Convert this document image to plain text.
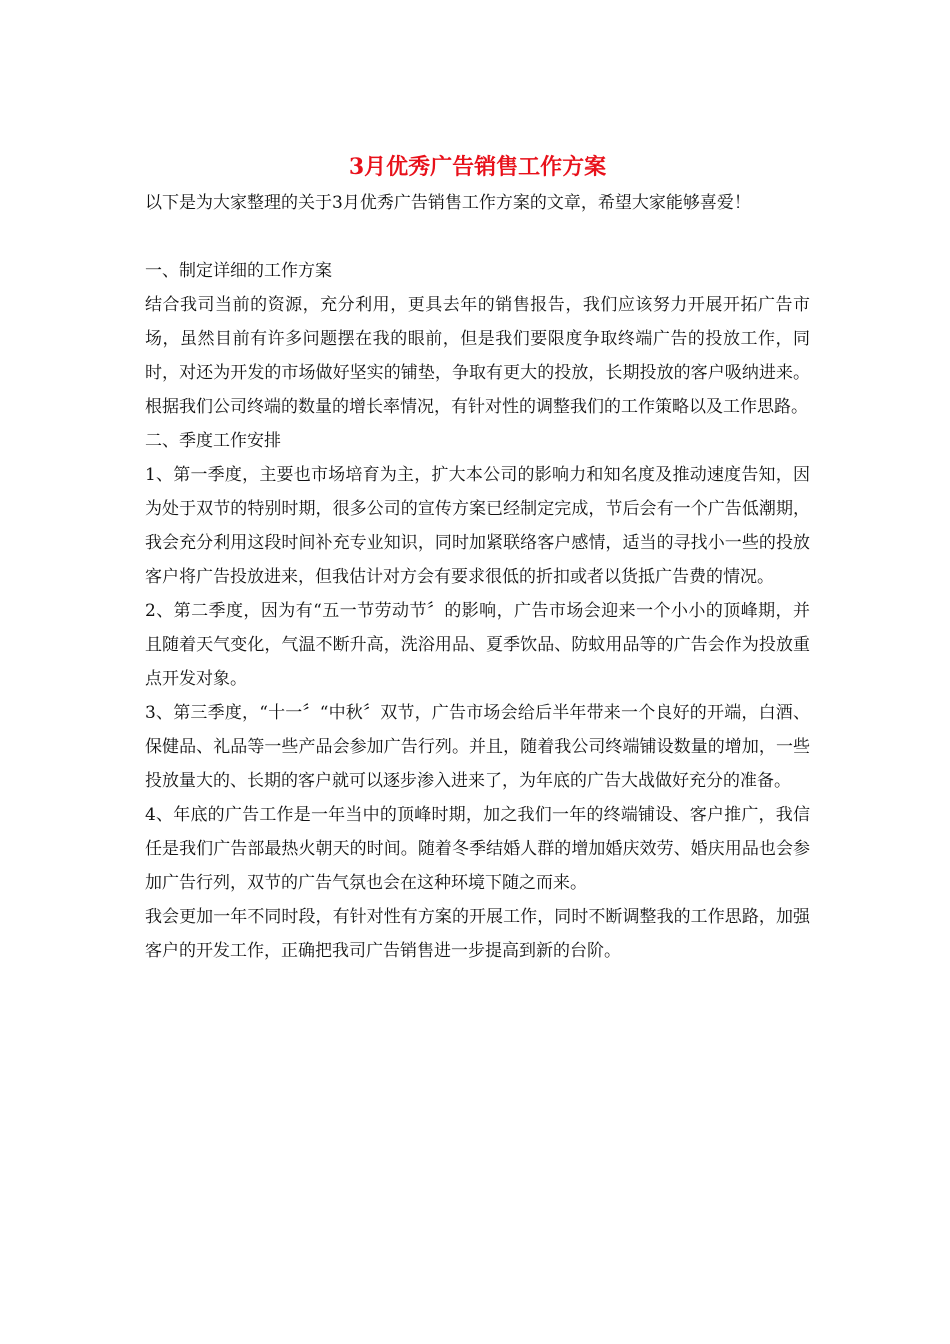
3月优秀广告销售工作方案

以下是为大家整理的关于3月优秀广告销售工作方案的文章，希望大家能够喜爱！

一、制定详细的工作方案

结合我司当前的资源，充分利用，更具去年的销售报告，我们应该努力开展开拓广告市场，虽然目前有许多问题摆在我的眼前，但是我们要限度争取终端广告的投放工作，同时，对还为开发的市场做好坚实的铺垫，争取有更大的投放，长期投放的客户吸纳进来。根据我们公司终端的数量的增长率情况，有针对性的调整我们的工作策略以及工作思路。

二、季度工作安排

1、第一季度，主要也市场培育为主，扩大本公司的影响力和知名度及推动速度告知，因为处于双节的特别时期，很多公司的宣传方案已经制定完成，节后会有一个广告低潮期，我会充分利用这段时间补充专业知识，同时加紧联络客户感情，适当的寻找小一些的投放客户将广告投放进来，但我估计对方会有要求很低的折扣或者以货抵广告费的情况。

2、第二季度，因为有“五一节劳动节〞的影响，广告市场会迎来一个小小的顶峰期，并且随着天气变化，气温不断升高，洗浴用品、夏季饮品、防蚊用品等的广告会作为投放重点开发对象。

3、第三季度，“十一〞“中秋〞双节，广告市场会给后半年带来一个良好的开端，白酒、保健品、礼品等一些产品会参加广告行列。并且，随着我公司终端铺设数量的增加，一些投放量大的、长期的客户就可以逐步渗入进来了，为年底的广告大战做好充分的准备。

4、年底的广告工作是一年当中的顶峰时期，加之我们一年的终端铺设、客户推广，我信任是我们广告部最热火朝天的时间。随着冬季结婚人群的增加婚庆效劳、婚庆用品也会参加广告行列，双节的广告气氛也会在这种环境下随之而来。

我会更加一年不同时段，有针对性有方案的开展工作，同时不断调整我的工作思路，加强客户的开发工作，正确把我司广告销售进一步提高到新的台阶。
